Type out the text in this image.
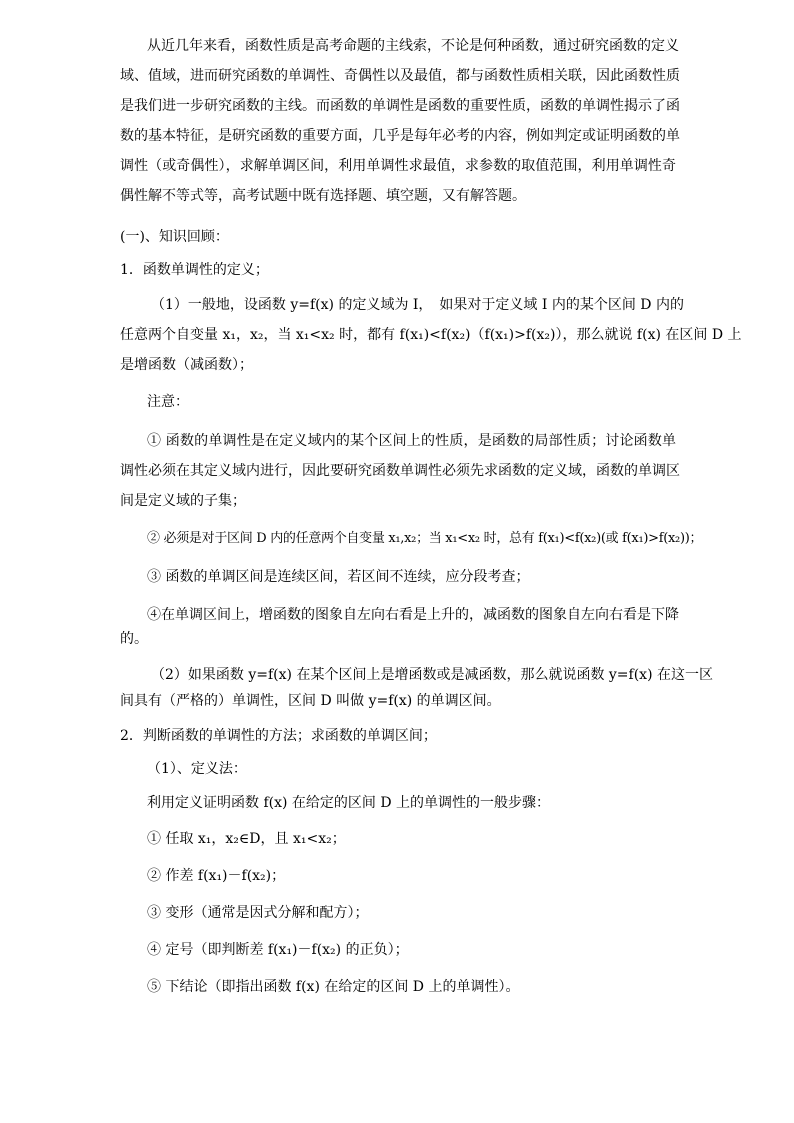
从近几年来看，函数性质是高考命题的主线索，不论是何种函数，通过研究函数的定义
域、值域，进而研究函数的单调性、奇偶性以及最值，都与函数性质相关联，因此函数性质
是我们进一步研究函数的主线。而函数的单调性是函数的重要性质，函数的单调性揭示了函
数的基本特征，是研究函数的重要方面，几乎是每年必考的内容，例如判定或证明函数的单
调性（或奇偶性），求解单调区间，利用单调性求最值，求参数的取值范围，利用单调性奇
偶性解不等式等，高考试题中既有选择题、填空题，又有解答题。
(一)、知识回顾：
1．函数单调性的定义；
（1）一般地，设函数 y=f(x) 的定义域为 I，　如果对于定义域 I 内的某个区间 D 内的
任意两个自变量 x₁，x₂，当 x₁<x₂ 时，都有 f(x₁)<f(x₂)（f(x₁)>f(x₂)），那么就说 f(x) 在区间 D 上
是增函数（减函数）；
注意：
① 函数的单调性是在定义域内的某个区间上的性质，是函数的局部性质；讨论函数单
调性必须在其定义域内进行，因此要研究函数单调性必须先求函数的定义域，函数的单调区
间是定义域的子集；
② 必须是对于区间 D 内的任意两个自变量 x₁,x₂；当 x₁<x₂ 时，总有 f(x₁)<f(x₂)(或 f(x₁)>f(x₂))；
③ 函数的单调区间是连续区间，若区间不连续，应分段考查；
④在单调区间上，增函数的图象自左向右看是上升的，减函数的图象自左向右看是下降
的。
（2）如果函数 y=f(x) 在某个区间上是增函数或是减函数，那么就说函数 y=f(x) 在这一区
间具有（严格的）单调性，区间 D 叫做 y=f(x) 的单调区间。
2．判断函数的单调性的方法；求函数的单调区间；
（1）、定义法：
利用定义证明函数 f(x) 在给定的区间 D 上的单调性的一般步骤：
① 任取 x₁，x₂∈D，且 x₁<x₂；
② 作差 f(x₁)－f(x₂)；
③ 变形（通常是因式分解和配方）；
④ 定号（即判断差 f(x₁)－f(x₂) 的正负）；
⑤ 下结论（即指出函数 f(x) 在给定的区间 D 上的单调性）。
